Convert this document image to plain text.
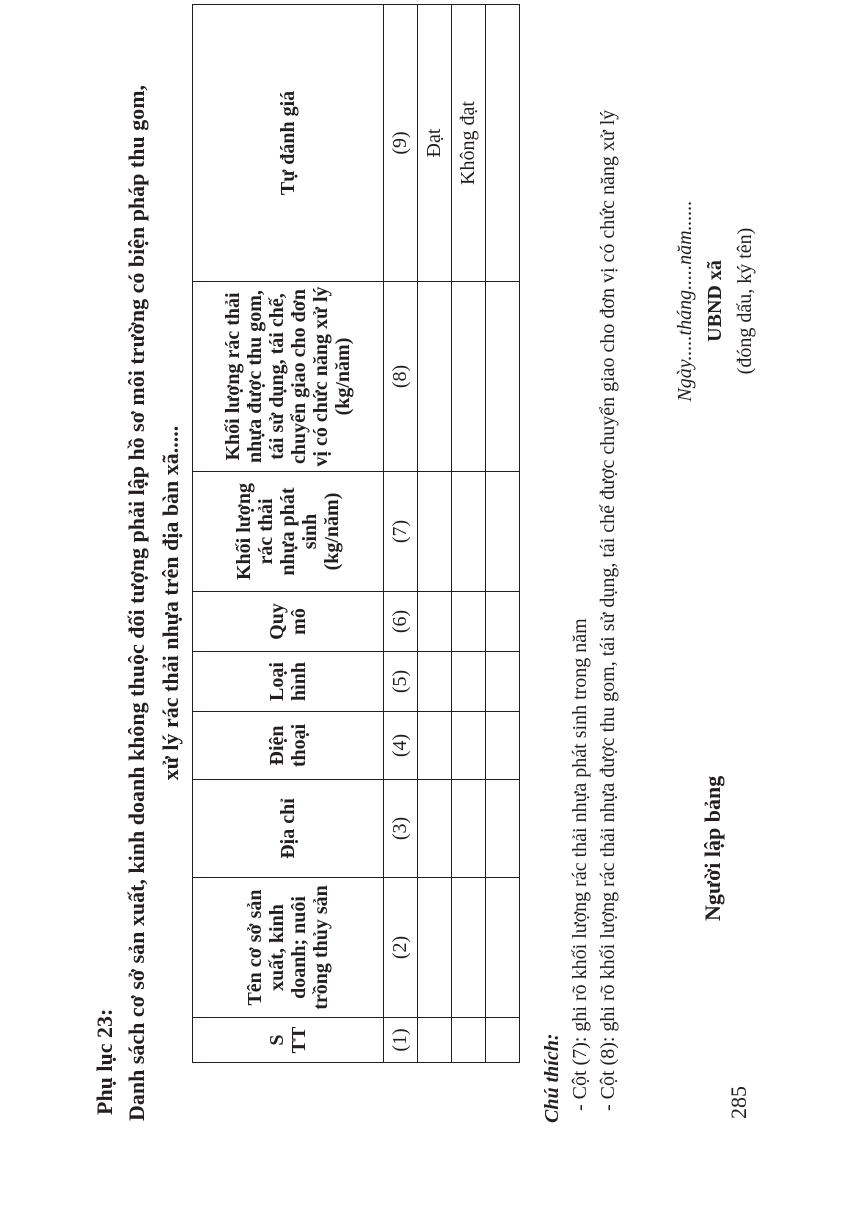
Phụ lục 23: Danh sách cơ sở sản xuất, kinh doanh không thuộc đối tượng phải lập hồ sơ môi trường có biện pháp thu gom, xử lý rác thải nhựa trên địa bàn xã.....
S TT	Tên cơ sở sản xuất, kinh doanh; nuôi trồng thủy sản	Địa chỉ	Điện thoại	Loại hình	Quy mô	Khối lượng rác thải nhựa phát sinh (kg/năm)	Khối lượng rác thải nhựa được thu gom, tái sử dụng, tái chế, chuyển giao cho đơn vị có chức năng xử lý (kg/năm)	Tự đánh giá
(1)	(2)	(3)	(4)	(5)	(6)	(7)	(8)	(9)
								Đạt
								Không đạt

Chú thích: - Cột (7): ghi rõ khối lượng rác thải nhựa phát sinh trong năm - Cột (8): ghi rõ khối lượng rác thải nhựa được thu gom, tái sử dụng, tái chế được chuyển giao cho đơn vị có chức năng xử lý	Người lập bảng
Ngày.....tháng.....năm...... UBND xã (đóng dấu, ký tên)
285
